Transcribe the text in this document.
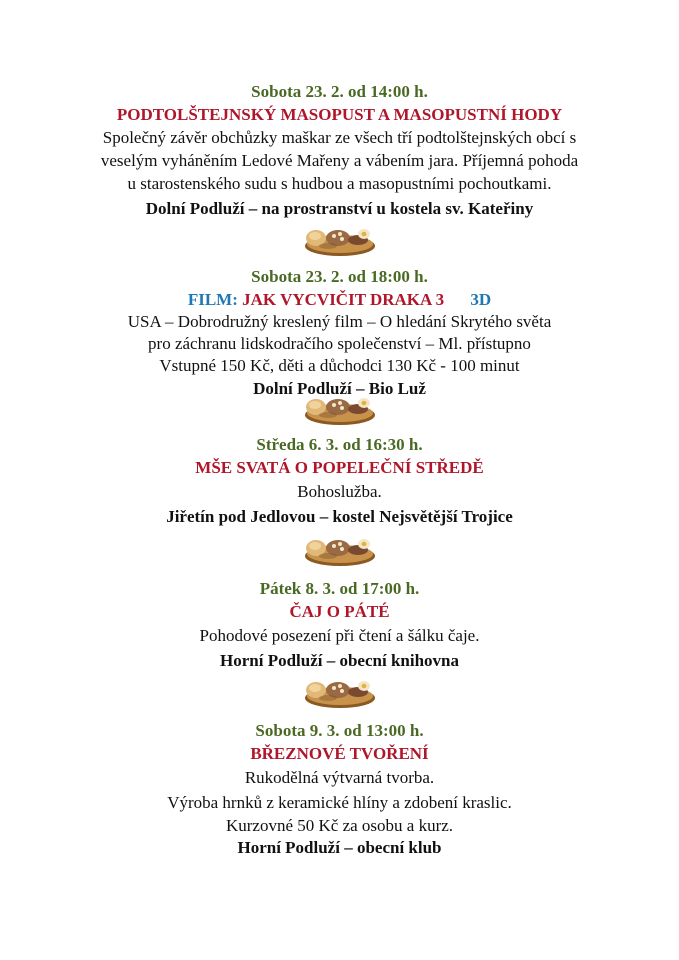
Sobota 23. 2. od 14:00 h.
PODTOLŠTEJNSKÝ MASOPUST A MASOPUSTNÍ HODY
Společný závěr obchůzky maškar ze všech tří podtolštejnských obcí s
veselým vyháněním Ledové Mařeny a vábením jara. Příjemná pohoda
u starostenského sudu s hudbou a masopustními pochoutkami.
Dolní Podluží – na prostranství u kostela sv. Kateřiny
Sobota 23. 2. od 18:00 h.
FILM: JAK VYCVIČIT DRAKA 3 3D
USA – Dobrodružný kreslený film – O hledání Skrytého světa
pro záchranu lidskodračího společenství – Ml. přístupno
Vstupné 150 Kč, děti a důchodci 130 Kč - 100 minut
Dolní Podluží – Bio Luž
Středa 6. 3. od 16:30 h.
MŠE SVATÁ O POPELEČNÍ STŘEDĚ
Bohoslužba.
Jiřetín pod Jedlovou – kostel Nejsvětější Trojice
Pátek 8. 3. od 17:00 h.
ČAJ O PÁTÉ
Pohodové posezení při čtení a šálku čaje.
Horní Podluží – obecní knihovna
Sobota 9. 3. od 13:00 h.
BŘEZNOVÉ TVOŘENÍ
Rukodělná výtvarná tvorba.
Výroba hrnků z keramické hlíny a zdobení kraslic.
Kurzovné 50 Kč za osobu a kurz.
Horní Podluží – obecní klub
